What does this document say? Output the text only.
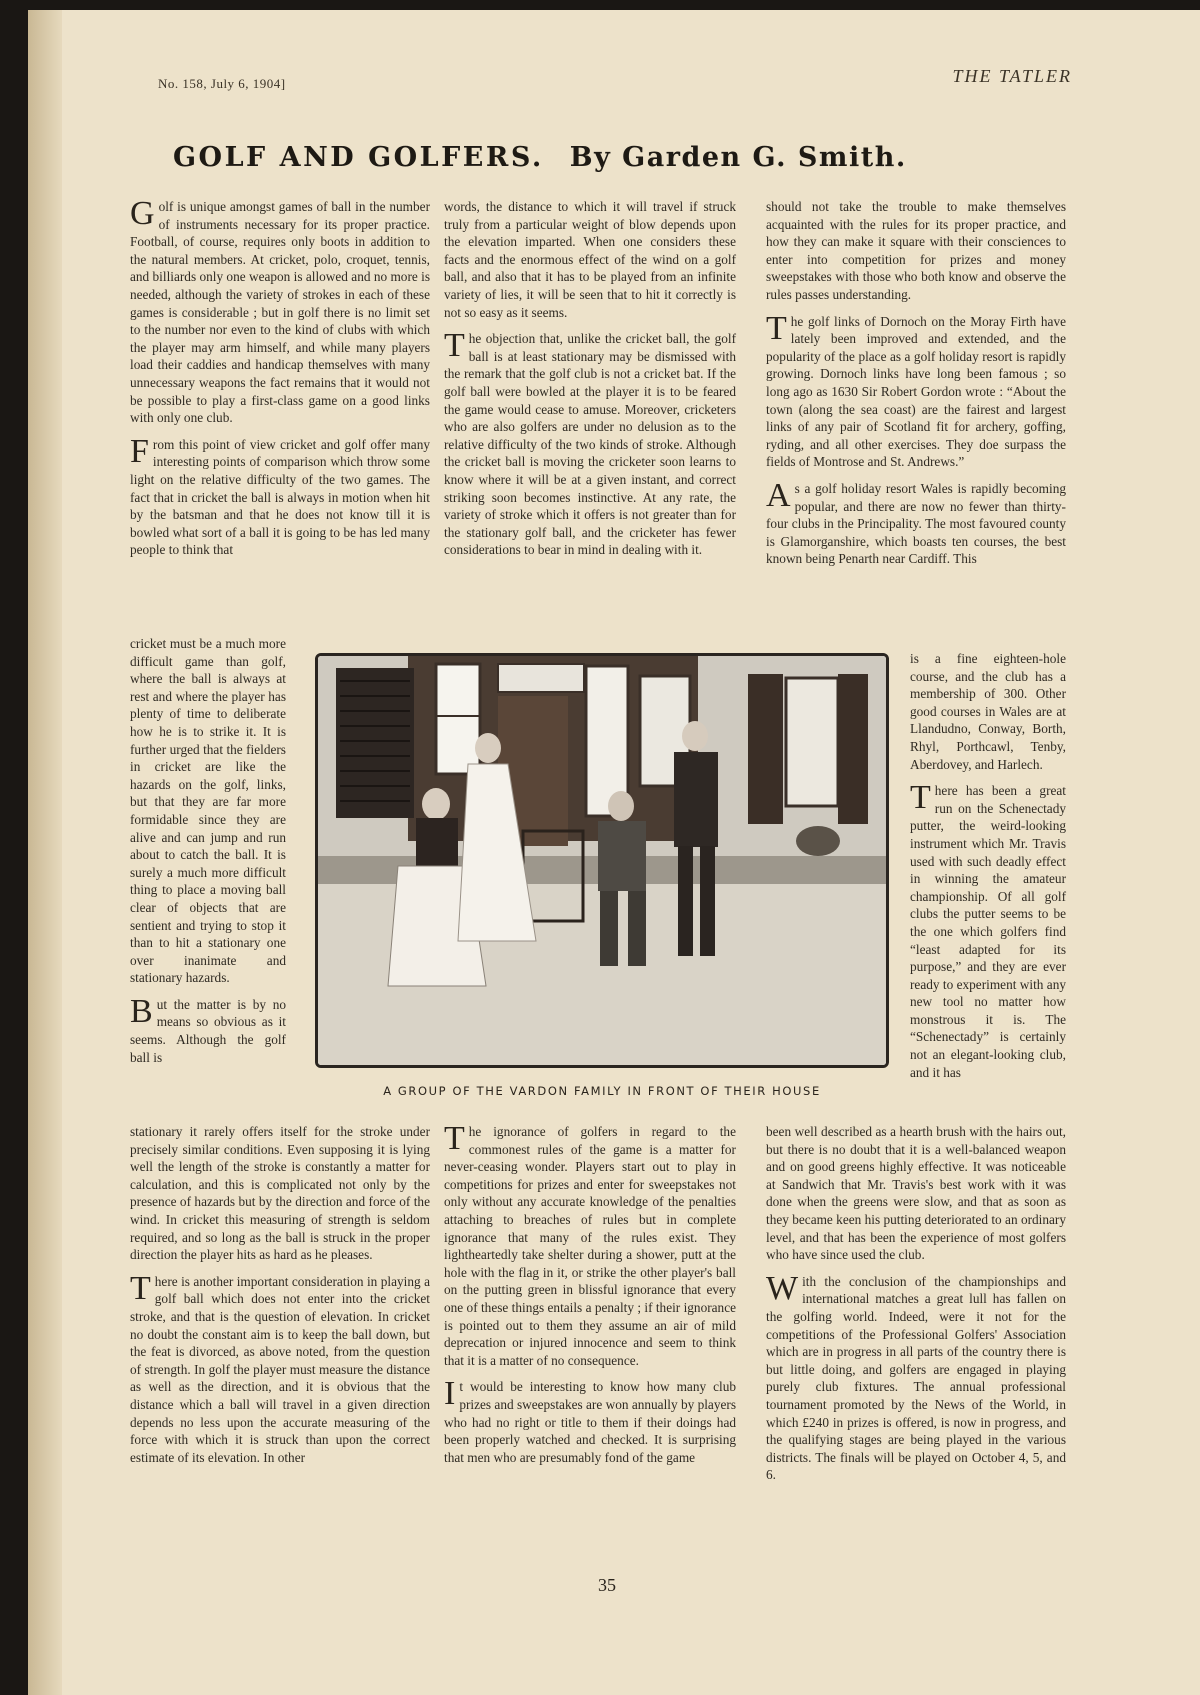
No. 158, July 6, 1904]	THE TATLER
GOLF AND GOLFERS. By Garden G. Smith.

Golf is unique amongst games of ball in the number of instruments necessary for its proper practice. Football, of course, requires only boots in addition to the natural members. At cricket, polo, croquet, tennis, and billiards only one weapon is allowed and no more is needed, although the variety of strokes in each of these games is considerable ; but in golf there is no limit set to the number nor even to the kind of clubs with which the player may arm himself, and while many players load their caddies and handicap themselves with many unnecessary weapons the fact remains that it would not be possible to play a first-class game on a good links with only one club.

From this point of view cricket and golf offer many interesting points of comparison which throw some light on the relative difficulty of the two games. The fact that in cricket the ball is always in motion when hit by the batsman and that he does not know till it is bowled what sort of a ball it is going to be has led many people to think that

cricket must be a much more difficult game than golf, where the ball is always at rest and where the player has plenty of time to deliberate how he is to strike it. It is further urged that the fielders in cricket are like the hazards on the golf, links, but that they are far more formidable since they are alive and can jump and run about to catch the ball. It is surely a much more difficult thing to place a moving ball clear of objects that are sentient and trying to stop it than to hit a stationary one over inanimate and stationary hazards.

But the matter is by no means so obvious as it seems. Although the golf ball is

stationary it rarely offers itself for the stroke under precisely similar conditions. Even supposing it is lying well the length of the stroke is constantly a matter for calculation, and this is complicated not only by the presence of hazards but by the direction and force of the wind. In cricket this measuring of strength is seldom required, and so long as the ball is struck in the proper direction the player hits as hard as he pleases.

There is another important consideration in playing a golf ball which does not enter into the cricket stroke, and that is the question of elevation. In cricket no doubt the constant aim is to keep the ball down, but the feat is divorced, as above noted, from the question of strength. In golf the player must measure the distance as well as the direction, and it is obvious that the distance which a ball will travel in a given direction depends no less upon the accurate measuring of the force with which it is struck than upon the correct estimate of its elevation. In other

words, the distance to which it will travel if struck truly from a particular weight of blow depends upon the elevation imparted. When one considers these facts and the enormous effect of the wind on a golf ball, and also that it has to be played from an infinite variety of lies, it will be seen that to hit it correctly is not so easy as it seems.

The objection that, unlike the cricket ball, the golf ball is at least stationary may be dismissed with the remark that the golf club is not a cricket bat. If the golf ball were bowled at the player it is to be feared the game would cease to amuse. Moreover, cricketers who are also golfers are under no delusion as to the relative difficulty of the two kinds of stroke. Although the cricket ball is moving the cricketer soon learns to know where it will be at a given instant, and correct striking soon becomes instinctive. At any rate, the variety of stroke which it offers is not greater than for the stationary golf ball, and the cricketer has fewer considerations to bear in mind in dealing with it.

The ignorance of golfers in regard to the commonest rules of the game is a matter for never-ceasing wonder. Players start out to play in competitions for prizes and enter for sweepstakes not only without any accurate knowledge of the penalties attaching to breaches of rules but in complete ignorance that many of the rules exist. They lightheartedly take shelter during a shower, putt at the hole with the flag in it, or strike the other player's ball on the putting green in blissful ignorance that every one of these things entails a penalty ; if their ignorance is pointed out to them they assume an air of mild deprecation or injured innocence and seem to think that it is a matter of no consequence.

It would be interesting to know how many club prizes and sweepstakes are won annually by players who had no right or title to them if their doings had been properly watched and checked. It is surprising that men who are presumably fond of the game

should not take the trouble to make themselves acquainted with the rules for its proper practice, and how they can make it square with their consciences to enter into competition for prizes and money sweepstakes with those who both know and observe the rules passes understanding.

The golf links of Dornoch on the Moray Firth have lately been improved and extended, and the popularity of the place as a golf holiday resort is rapidly growing. Dornoch links have long been famous ; so long ago as 1630 Sir Robert Gordon wrote : “About the town (along the sea coast) are the fairest and largest links of any pair of Scotland fit for archery, goffing, ryding, and all other exercises. They doe surpass the fields of Montrose and St. Andrews.”

As a golf holiday resort Wales is rapidly becoming popular, and there are now no fewer than thirty-four clubs in the Principality. The most favoured county is Glamorganshire, which boasts ten courses, the best known being Penarth near Cardiff. This

is a fine eighteen-hole course, and the club has a membership of 300. Other good courses in Wales are at Llandudno, Conway, Borth, Rhyl, Porthcawl, Tenby, Aberdovey, and Harlech.

There has been a great run on the Schenectady putter, the weird-looking instrument which Mr. Travis used with such deadly effect in winning the amateur championship. Of all golf clubs the putter seems to be the one which golfers find “least adapted for its purpose,” and they are ever ready to experiment with any new tool no matter how monstrous it is. The “Schenectady” is certainly not an elegant-looking club, and it has

been well described as a hearth brush with the hairs out, but there is no doubt that it is a well-balanced weapon and on good greens highly effective. It was noticeable at Sandwich that Mr. Travis's best work with it was done when the greens were slow, and that as soon as they became keen his putting deteriorated to an ordinary level, and that has been the experience of most golfers who have since used the club.

With the conclusion of the championships and international matches a great lull has fallen on the golfing world. Indeed, were it not for the competitions of the Professional Golfers' Association which are in progress in all parts of the country there is but little doing, and golfers are engaged in playing purely club fixtures. The annual professional tournament promoted by the News of the World, in which £240 in prizes is offered, is now in progress, and the qualifying stages are being played in the various districts. The finals will be played on October 4, 5, and 6.

A GROUP OF THE VARDON FAMILY IN FRONT OF THEIR HOUSE
35
